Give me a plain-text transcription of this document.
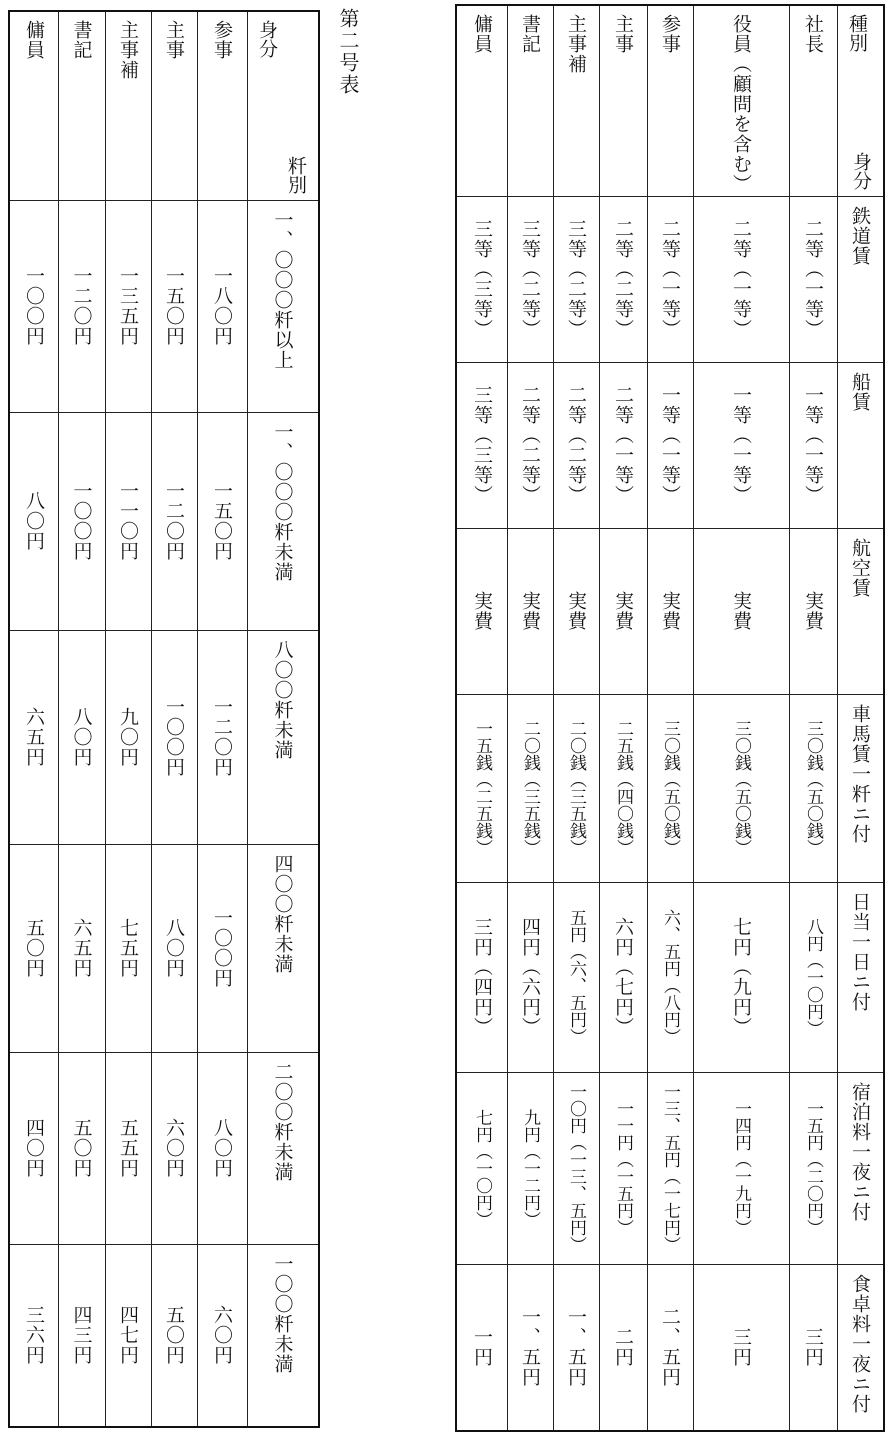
第二号表
身分
粁別
参事
主事
主事補
書記
傭員
一、〇〇〇粁以上
一八〇円
一五〇円
一三五円
一二〇円
一〇〇円
一、〇〇〇粁未満
一五〇円
一二〇円
一一〇円
一〇〇円
八〇円
八〇〇粁未満
一二〇円
一〇〇円
九〇円
八〇円
六五円
四〇〇粁未満
一〇〇円
八〇円
七五円
六五円
五〇円
二〇〇粁未満
八〇円
六〇円
五五円
五〇円
四〇円
一〇〇粁未満
六〇円
五〇円
四七円
四三円
三六円
種別
身分
社長
役員（顧問を含む）
参事
主事
主事補
書記
傭員
鉄道賃
二等（一等）
二等（一等）
二等（一等）
二等（二等）
三等（二等）
三等（二等）
三等（三等）
船賃
一等（一等）
一等（一等）
一等（一等）
二等（一等）
二等（二等）
二等（二等）
三等（三等）
航空賃
実費
実費
実費
実費
実費
実費
実費
車馬賃一粁ニ付
三〇銭（五〇銭）
三〇銭（五〇銭）
三〇銭（五〇銭）
二五銭（四〇銭）
二〇銭（三五銭）
二〇銭（三五銭）
一五銭（二五銭）
日当一日ニ付
八円（一〇円）
七円（九円）
六、五円（八円）
六円（七円）
五円（六、五円）
四円（六円）
三円（四円）
宿泊料一夜ニ付
一五円（二〇円）
一四円（一九円）
一三、五円（一七円）
一一円（一五円）
一〇円（一三、五円）
九円（一二円）
七円（一〇円）
食卓料一夜ニ付
三円
三円
二、五円
二円
一、五円
一、五円
一円
